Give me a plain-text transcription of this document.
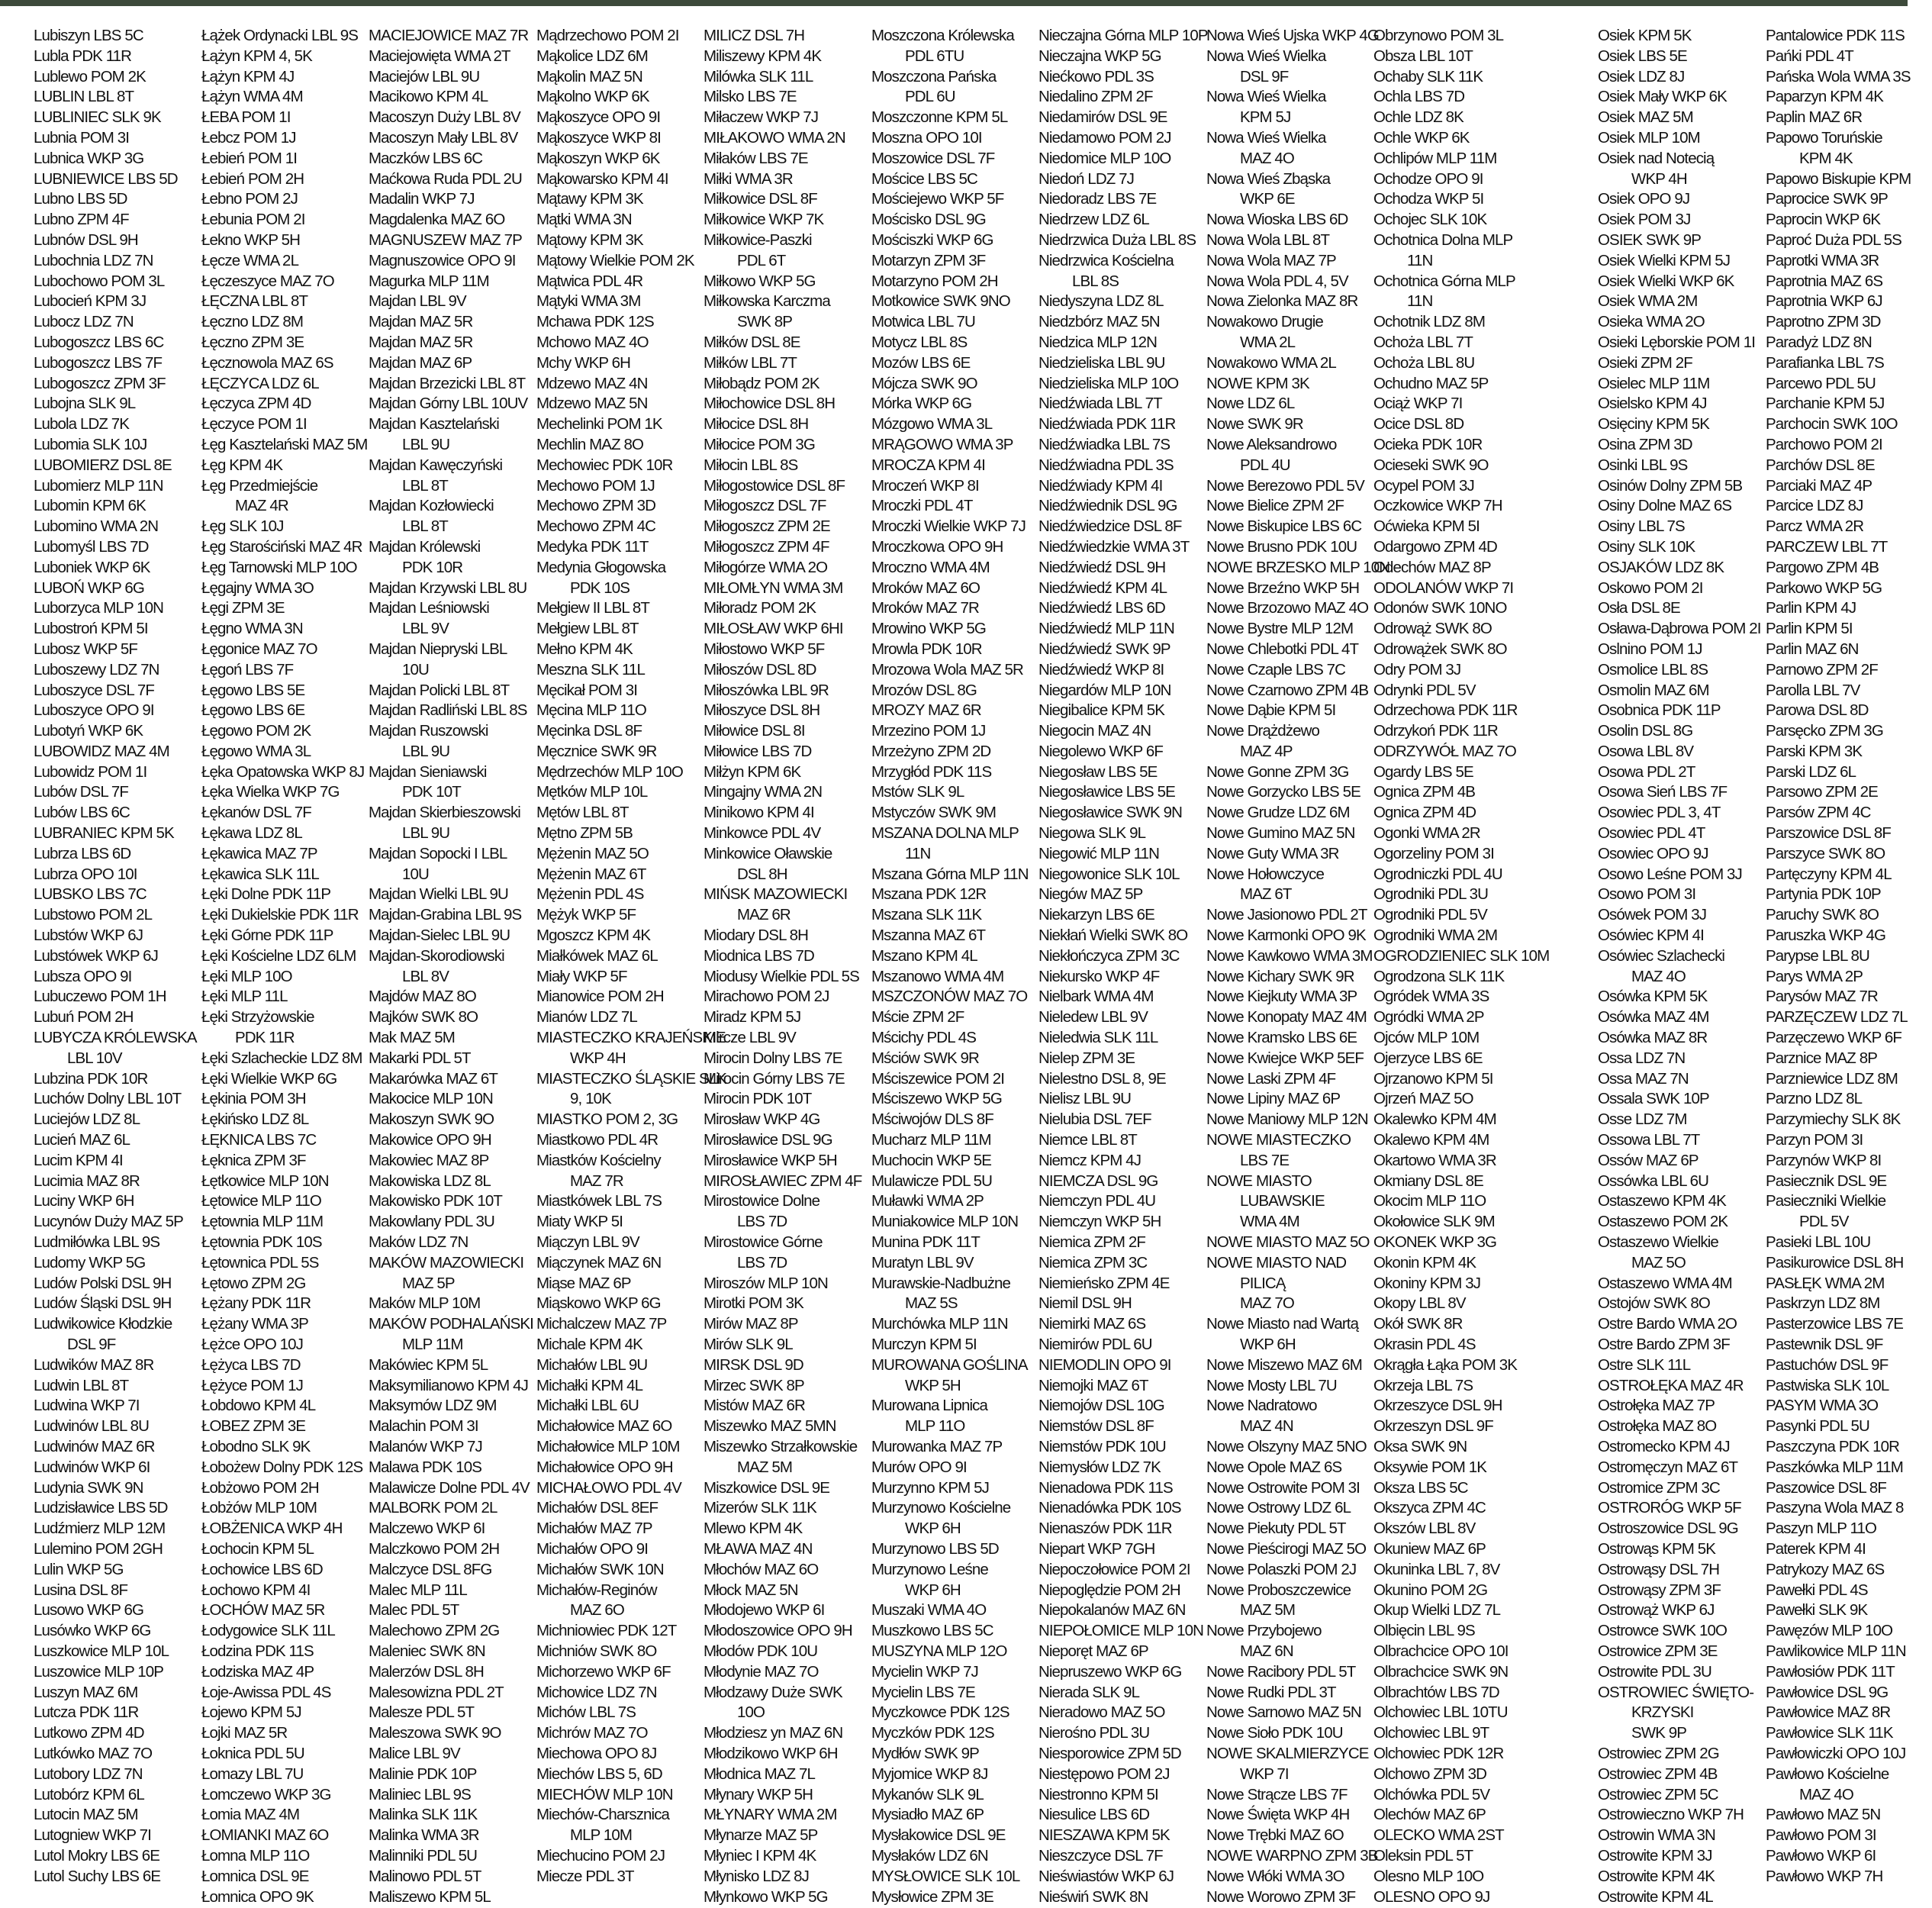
Lubiszyn LBS 5C
Lubla PDK 11R
Lublewo POM 2K
LUBLIN LBL 8T
LUBLINIEC SLK 9K
Lubnia POM 3I
Lubnica WKP 3G
LUBNIEWICE LBS 5D
Lubno LBS 5D
Lubno ZPM 4F
Lubnów DSL 9H
Lubochnia LDZ 7N
Lubochowo POM 3L
Lubocień KPM 3J
Lubocz LDZ 7N
Lubogoszcz LBS 6C
Lubogoszcz LBS 7F
Lubogoszcz ZPM 3F
Lubojna SLK 9L
Lubola LDZ 7K
Lubomia SLK 10J
LUBOMIERZ DSL 8E
Lubomierz MLP 11N
Lubomin KPM 6K
Lubomino WMA 2N
Lubomyśl LBS 7D
Luboniek WKP 6K
LUBOŃ WKP 6G
Luborzyca MLP 10N
Lubostroń KPM 5I
Lubosz WKP 5F
Luboszewy LDZ 7N
Luboszyce DSL 7F
Luboszyce OPO 9I
Lubotyń WKP 6K
LUBOWIDZ MAZ 4M
Lubowidz POM 1I
Lubów DSL 7F
Lubów LBS 6C
LUBRANIEC KPM 5K
Lubrza LBS 6D
Lubrza OPO 10I
LUBSKO LBS 7C
Lubstowo POM 2L
Lubstów WKP 6J
Lubstówek WKP 6J
Lubsza OPO 9I
Lubuczewo POM 1H
Lubuń POM 2H
LUBYCZA KRÓLEWSKA
LBL 10V
Lubzina PDK 10R
Luchów Dolny LBL 10T
Luciejów LDZ 8L
Lucień MAZ 6L
Lucim KPM 4I
Lucimia MAZ 8R
Luciny WKP 6H
Lucynów Duży MAZ 5P
Ludmiłówka LBL 9S
Ludomy WKP 5G
Ludów Polski DSL 9H
Ludów Śląski DSL 9H
Ludwikowice Kłodzkie
DSL 9F
Ludwików MAZ 8R
Ludwin LBL 8T
Ludwina WKP 7I
Ludwinów LBL 8U
Ludwinów MAZ 6R
Ludwinów WKP 6I
Ludynia SWK 9N
Ludzisławice LBS 5D
Ludźmierz MLP 12M
Lulemino POM 2GH
Lulin WKP 5G
Lusina DSL 8F
Lusowo WKP 6G
Lusówko WKP 6G
Luszkowice MLP 10L
Luszowice MLP 10P
Luszyn MAZ 6M
Lutcza PDK 11R
Lutkowo ZPM 4D
Lutkówko MAZ 7O
Lutobory LDZ 7N
Lutobórz KPM 6L
Lutocin MAZ 5M
Lutogniew WKP 7I
Lutol Mokry LBS 6E
Lutol Suchy LBS 6E
Łążek Ordynacki LBL 9S
Łążyn KPM 4, 5K
Łążyn KPM 4J
Łążyn WMA 4M
ŁEBA POM 1I
Łebcz POM 1J
Łebień POM 1I
Łebień POM 2H
Łebno POM 2J
Łebunia POM 2I
Łekno WKP 5H
Łęcze WMA 2L
Łęczeszyce MAZ 7O
ŁĘCZNA LBL 8T
Łęczno LDZ 8M
Łęczno ZPM 3E
Łęcznowola MAZ 6S
ŁĘCZYCA LDZ 6L
Łęczyca ZPM 4D
Łęczyce POM 1I
Łęg Kasztelański MAZ 5M
Łęg KPM 4K
Łęg Przedmiejście
MAZ 4R
Łęg SLK 10J
Łęg Starościński MAZ 4R
Łęg Tarnowski MLP 10O
Łęgajny WMA 3O
Łęgi ZPM 3E
Łęgno WMA 3N
Łęgonice MAZ 7O
Łęgoń LBS 7F
Łęgowo LBS 5E
Łęgowo LBS 6E
Łęgowo POM 2K
Łęgowo WMA 3L
Łęka Opatowska WKP 8J
Łęka Wielka WKP 7G
Łękanów DSL 7F
Łękawa LDZ 8L
Łękawica MAZ 7P
Łękawica SLK 11L
Łęki Dolne PDK 11P
Łęki Dukielskie PDK 11R
Łęki Górne PDK 11P
Łęki Kościelne LDZ 6LM
Łęki MLP 10O
Łęki MLP 11L
Łęki Strzyżowskie
PDK 11R
Łęki Szlacheckie LDZ 8M
Łęki Wielkie WKP 6G
Łękinia POM 3H
Łękińsko LDZ 8L
ŁĘKNICA LBS 7C
Łęknica ZPM 3F
Łętkowice MLP 10N
Łętowice MLP 11O
Łętownia MLP 11M
Łętownia PDK 10S
Łętownica PDL 5S
Łętowo ZPM 2G
Łężany PDK 11R
Łężany WMA 3P
Łężce OPO 10J
Łężyca LBS 7D
Łężyce POM 1J
Łobdowo KPM 4L
ŁOBEZ ZPM 3E
Łobodno SLK 9K
Łobożew Dolny PDK 12S
Łobżowo POM 2H
Łobżów MLP 10M
ŁOBŻENICA WKP 4H
Łochocin KPM 5L
Łochowice LBS 6D
Łochowo KPM 4I
ŁOCHÓW MAZ 5R
Łodygowice SLK 11L
Łodzina PDK 11S
Łodziska MAZ 4P
Łoje-Awissa PDL 4S
Łojewo KPM 5J
Łojki MAZ 5R
Łoknica PDL 5U
Łomazy LBL 7U
Łomczewo WKP 3G
Łomia MAZ 4M
ŁOMIANKI MAZ 6O
Łomna MLP 11O
Łomnica DSL 9E
Łomnica OPO 9K
MACIEJOWICE MAZ 7R
Maciejowięta WMA 2T
Maciejów LBL 9U
Macikowo KPM 4L
Macoszyn Duży LBL 8V
Macoszyn Mały LBL 8V
Maczków LBS 6C
Maćkowa Ruda PDL 2U
Madalin WKP 7J
Magdalenka MAZ 6O
MAGNUSZEW MAZ 7P
Magnuszowice OPO 9I
Magurka MLP 11M
Majdan LBL 9V
Majdan MAZ 5R
Majdan MAZ 5R
Majdan MAZ 6P
Majdan Brzezicki LBL 8T
Majdan Górny LBL 10UV
Majdan Kasztelański
LBL 9U
Majdan Kawęczyński
LBL 8T
Majdan Kozłowiecki
LBL 8T
Majdan Królewski
PDK 10R
Majdan Krzywski LBL 8U
Majdan Leśniowski
LBL 9V
Majdan Niepryski LBL
10U
Majdan Policki LBL 8T
Majdan Radliński LBL 8S
Majdan Ruszowski
LBL 9U
Majdan Sieniawski
PDK 10T
Majdan Skierbieszowski
LBL 9U
Majdan Sopocki I LBL
10U
Majdan Wielki LBL 9U
Majdan-Grabina LBL 9S
Majdan-Sielec LBL 9U
Majdan-Skorodiowski
LBL 8V
Majdów MAZ 8O
Majków SWK 8O
Mak MAZ 5M
Makarki PDL 5T
Makarówka MAZ 6T
Makocice MLP 10N
Makoszyn SWK 9O
Makowice OPO 9H
Makowiec MAZ 8P
Makowiska LDZ 8L
Makowisko PDK 10T
Makowlany PDL 3U
Maków LDZ 7N
MAKÓW MAZOWIECKI
MAZ 5P
Maków MLP 10M
MAKÓW PODHALAŃSKI
MLP 11M
Makówiec KPM 5L
Maksymilianowo KPM 4J
Maksymów LDZ 9M
Malachin POM 3I
Malanów WKP 7J
Malawa PDK 10S
Malawicze Dolne PDL 4V
MALBORK POM 2L
Malczewo WKP 6I
Malczkowo POM 2H
Malczyce DSL 8FG
Malec MLP 11L
Malec PDL 5T
Malechowo ZPM 2G
Maleniec SWK 8N
Malerzów DSL 8H
Malesowizna PDL 2T
Malesze PDL 5T
Maleszowa SWK 9O
Malice LBL 9V
Malinie PDK 10P
Maliniec LBL 9S
Malinka SLK 11K
Malinka WMA 3R
Malinniki PDL 5U
Malinowo PDL 5T
Maliszewo KPM 5L
Mądrzechowo POM 2I
Mąkolice LDZ 6M
Mąkolin MAZ 5N
Mąkolno WKP 6K
Mąkoszyce OPO 9I
Mąkoszyce WKP 8I
Mąkoszyn WKP 6K
Mąkowarsko KPM 4I
Mątawy KPM 3K
Mątki WMA 3N
Mątowy KPM 3K
Mątowy Wielkie POM 2K
Mątwica PDL 4R
Mątyki WMA 3M
Mchawa PDK 12S
Mchowo MAZ 4O
Mchy WKP 6H
Mdzewo MAZ 4N
Mdzewo MAZ 5N
Mechelinki POM 1K
Mechlin MAZ 8O
Mechowiec PDK 10R
Mechowo POM 1J
Mechowo ZPM 3D
Mechowo ZPM 4C
Medyka PDK 11T
Medynia Głogowska
PDK 10S
Mełgiew II LBL 8T
Mełgiew LBL 8T
Mełno KPM 4K
Meszna SLK 11L
Męcikał POM 3I
Męcina MLP 11O
Męcinka DSL 8F
Męcznice SWK 9R
Mędrzechów MLP 10O
Mętków MLP 10L
Mętów LBL 8T
Mętno ZPM 5B
Mężenin MAZ 5O
Mężenin MAZ 6T
Mężenin PDL 4S
Mężyk WKP 5F
Mgoszcz KPM 4K
Miałkówek MAZ 6L
Miały WKP 5F
Mianowice POM 2H
Mianów LDZ 7L
MIASTECZKO KRAJEŃSKIE
WKP 4H
MIASTECZKO ŚLĄSKIE SLK
9, 10K
MIASTKO POM 2, 3G
Miastkowo PDL 4R
Miastków Kościelny
MAZ 7R
Miastkówek LBL 7S
Miaty WKP 5I
Miączyn LBL 9V
Miączynek MAZ 6N
Miąse MAZ 6P
Miąskowo WKP 6G
Michalczew MAZ 7P
Michale KPM 4K
Michałów LBL 9U
Michałki KPM 4L
Michałki LBL 6U
Michałowice MAZ 6O
Michałowice MLP 10M
Michałowice OPO 9H
MICHAŁOWO PDL 4V
Michałów DSL 8EF
Michałów MAZ 7P
Michałów OPO 9I
Michałów SWK 10N
Michałów-Reginów
MAZ 6O
Michniowiec PDK 12T
Michniów SWK 8O
Michorzewo WKP 6F
Michowice LDZ 7N
Michów LBL 7S
Michrów MAZ 7O
Miechowa OPO 8J
Miechów LBS 5, 6D
MIECHÓW MLP 10N
Miechów-Charsznica
MLP 10M
Miechucino POM 2J
Miecze PDL 3T
MILICZ DSL 7H
Miliszewy KPM 4K
Milówka SLK 11L
Milsko LBS 7E
Miłaczew WKP 7J
MIŁAKOWO WMA 2N
Miłaków LBS 7E
Miłki WMA 3R
Miłkowice DSL 8F
Miłkowice WKP 7K
Miłkowice-Paszki
PDL 6T
Miłkowo WKP 5G
Miłkowska Karczma
SWK 8P
Miłków DSL 8E
Miłków LBL 7T
Miłobądz POM 2K
Miłochowice DSL 8H
Miłocice DSL 8H
Miłocice POM 3G
Miłocin LBL 8S
Miłogostowice DSL 8F
Miłogoszcz DSL 7F
Miłogoszcz ZPM 2E
Miłogoszcz ZPM 4F
Miłogórze WMA 2O
MIŁOMŁYN WMA 3M
Miłoradz POM 2K
MIŁOSŁAW WKP 6HI
Miłostowo WKP 5F
Miłoszów DSL 8D
Miłoszówka LBL 9R
Miłoszyce DSL 8H
Miłowice DSL 8I
Miłowice LBS 7D
Miłżyn KPM 6K
Mingajny WMA 2N
Minikowo KPM 4I
Minkowce PDL 4V
Minkowice Oławskie
DSL 8H
MIŃSK MAZOWIECKI
MAZ 6R
Miodary DSL 8H
Miodnica LBS 7D
Miodusy Wielkie PDL 5S
Mirachowo POM 2J
Miradz KPM 5J
Mircze LBL 9V
Mirocin Dolny LBS 7E
Mirocin Górny LBS 7E
Mirocin PDK 10T
Mirosław WKP 4G
Mirosławice DSL 9G
Mirosławice WKP 5H
MIROSŁAWIEC ZPM 4F
Mirostowice Dolne
LBS 7D
Mirostowice Górne
LBS 7D
Miroszów MLP 10N
Mirotki POM 3K
Mirów MAZ 8P
Mirów SLK 9L
MIRSK DSL 9D
Mirzec SWK 8P
Mistów MAZ 6R
Miszewko MAZ 5MN
Miszewko Strzałkowskie
MAZ 5M
Miszkowice DSL 9E
Mizerów SLK 11K
Mlewo KPM 4K
MŁAWA MAZ 4N
Młochów MAZ 6O
Młock MAZ 5N
Młodojewo WKP 6I
Młodoszowice OPO 9H
Młodów PDK 10U
Młodynie MAZ 7O
Młodzawy Duże SWK
10O
Młodziesz yn MAZ 6N
Młodzikowo WKP 6H
Młodnica MAZ 7L
Młynary WKP 5H
MŁYNARY WMA 2M
Młynarze MAZ 5P
Młyniec I KPM 4K
Młynisko LDZ 8J
Młynkowo WKP 5G
Moszczona Królewska
PDL 6TU
Moszczona Pańska
PDL 6U
Moszczonne KPM 5L
Moszna OPO 10I
Moszowice DSL 7F
Mościce LBS 5C
Mościejewo WKP 5F
Mościsko DSL 9G
Mościszki WKP 6G
Motarzyn ZPM 3F
Motarzyno POM 2H
Motkowice SWK 9NO
Motwica LBL 7U
Motycz LBL 8S
Mozów LBS 6E
Mójcza SWK 9O
Mórka WKP 6G
Mózgowo WMA 3L
MRĄGOWO WMA 3P
MROCZA KPM 4I
Mroczeń WKP 8I
Mroczki PDL 4T
Mroczki Wielkie WKP 7J
Mroczkowa OPO 9H
Mroczno WMA 4M
Mroków MAZ 6O
Mroków MAZ 7R
Mrowino WKP 5G
Mrowla PDK 10R
Mrozowa Wola MAZ 5R
Mrozów DSL 8G
MROZY MAZ 6R
Mrzezino POM 1J
Mrzeżyno ZPM 2D
Mrzygłód PDK 11S
Mstów SLK 9L
Mstyczów SWK 9M
MSZANA DOLNA MLP
11N
Mszana Górna MLP 11N
Mszana PDK 12R
Mszana SLK 11K
Mszanna MAZ 6T
Mszano KPM 4L
Mszanowo WMA 4M
MSZCZONÓW MAZ 7O
Mście ZPM 2F
Mścichy PDL 4S
Mściów SWK 9R
Mściszewice POM 2I
Mściszewo WKP 5G
Mściwojów DLS 8F
Mucharz MLP 11M
Muchocin WKP 5E
Mulawicze PDL 5U
Muławki WMA 2P
Muniakowice MLP 10N
Munina PDK 11T
Muratyn LBL 9V
Murawskie-Nadbużne
MAZ 5S
Murchówka MLP 11N
Murczyn KPM 5I
MUROWANA GOŚLINA
WKP 5H
Murowana Lipnica
MLP 11O
Murowanka MAZ 7P
Murów OPO 9I
Murzynno KPM 5J
Murzynowo Kościelne
WKP 6H
Murzynowo LBS 5D
Murzynowo Leśne
WKP 6H
Muszaki WMA 4O
Muszkowo LBS 5C
MUSZYNA MLP 12O
Mycielin WKP 7J
Mycielin LBS 7E
Myczkowce PDK 12S
Myczków PDK 12S
Mydłów SWK 9P
Myjomice WKP 8J
Mykanów SLK 9L
Mysiadło MAZ 6P
Mysłakowice DSL 9E
Mysłaków LDZ 6N
MYSŁOWICE SLK 10L
Mysłowice ZPM 3E
Nieczajna Górna MLP 10P
Nieczajna WKP 5G
Niećkowo PDL 3S
Niedalino ZPM 2F
Niedamirów DSL 9E
Niedamowo POM 2J
Niedomice MLP 10O
Niedoń LDZ 7J
Niedoradz LBS 7E
Niedrzew LDZ 6L
Niedrzwica Duża LBL 8S
Niedrzwica Kościelna
LBL 8S
Niedyszyna LDZ 8L
Niedzbórz MAZ 5N
Niedzica MLP 12N
Niedzieliska LBL 9U
Niedzieliska MLP 10O
Niedźwiada LBL 7T
Niedźwiada PDK 11R
Niedźwiadka LBL 7S
Niedźwiadna PDL 3S
Niedźwiady KPM 4I
Niedźwiednik DSL 9G
Niedźwiedzice DSL 8F
Niedźwiedzkie WMA 3T
Niedźwiedź DSL 9H
Niedźwiedź KPM 4L
Niedźwiedź LBS 6D
Niedźwiedź MLP 11N
Niedźwiedź SWK 9P
Niedźwiedź WKP 8I
Niegardów MLP 10N
Niegibalice KPM 5K
Niegocin MAZ 4N
Niegolewo WKP 6F
Niegosław LBS 5E
Niegosławice LBS 5E
Niegosławice SWK 9N
Niegowa SLK 9L
Niegowić MLP 11N
Niegowonice SLK 10L
Niegów MAZ 5P
Niekarzyn LBS 6E
Niekłań Wielki SWK 8O
Niekłończyca ZPM 3C
Niekursko WKP 4F
Nielbark WMA 4M
Nieledew LBL 9V
Nieledwia SLK 11L
Nielep ZPM 3E
Nielestno DSL 8, 9E
Nielisz LBL 9U
Nielubia DSL 7EF
Niemce LBL 8T
Niemcz KPM 4J
NIEMCZA DSL 9G
Niemczyn PDL 4U
Niemczyn WKP 5H
Niemica ZPM 2F
Niemica ZPM 3C
Niemieńsko ZPM 4E
Niemil DSL 9H
Niemirki MAZ 6S
Niemirów PDL 6U
NIEMODLIN OPO 9I
Niemojki MAZ 6T
Niemojów DSL 10G
Niemstów DSL 8F
Niemstów PDK 10U
Niemysłów LDZ 7K
Nienadowa PDK 11S
Nienadówka PDK 10S
Nienaszów PDK 11R
Niepart WKP 7GH
Niepoczołowice POM 2I
Niepoględzie POM 2H
Niepokalanów MAZ 6N
NIEPOŁOMICE MLP 10N
Nieporęt MAZ 6P
Niepruszewo WKP 6G
Nierada SLK 9L
Nieradowo MAZ 5O
Nierośno PDL 3U
Niesporowice ZPM 5D
Niestępowo POM 2J
Niestronno KPM 5I
Niesulice LBS 6D
NIESZAWA KPM 5K
Nieszczyce DSL 7F
Nieświastów WKP 6J
Nieświń SWK 8N
Nowa Wieś Ujska WKP 4G
Nowa Wieś Wielka
DSL 9F
Nowa Wieś Wielka
KPM 5J
Nowa Wieś Wielka
MAZ 4O
Nowa Wieś Zbąska
WKP 6E
Nowa Wioska LBS 6D
Nowa Wola LBL 8T
Nowa Wola MAZ 7P
Nowa Wola PDL 4, 5V
Nowa Zielonka MAZ 8R
Nowakowo Drugie
WMA 2L
Nowakowo WMA 2L
NOWE KPM 3K
Nowe LDZ 6L
Nowe SWK 9R
Nowe Aleksandrowo
PDL 4U
Nowe Berezowo PDL 5V
Nowe Bielice ZPM 2F
Nowe Biskupice LBS 6C
Nowe Brusno PDK 10U
NOWE BRZESKO MLP 10N
Nowe Brzeźno WKP 5H
Nowe Brzozowo MAZ 4O
Nowe Bystre MLP 12M
Nowe Chlebotki PDL 4T
Nowe Czaple LBS 7C
Nowe Czarnowo ZPM 4B
Nowe Dąbie KPM 5I
Nowe Drążdżewo
MAZ 4P
Nowe Gonne ZPM 3G
Nowe Gorzycko LBS 5E
Nowe Grudze LDZ 6M
Nowe Gumino MAZ 5N
Nowe Guty WMA 3R
Nowe Hołowczyce
MAZ 6T
Nowe Jasionowo PDL 2T
Nowe Karmonki OPO 9K
Nowe Kawkowo WMA 3M
Nowe Kichary SWK 9R
Nowe Kiejkuty WMA 3P
Nowe Konopaty MAZ 4M
Nowe Kramsko LBS 6E
Nowe Kwiejce WKP 5EF
Nowe Laski ZPM 4F
Nowe Lipiny MAZ 6P
Nowe Maniowy MLP 12N
NOWE MIASTECZKO
LBS 7E
NOWE MIASTO
LUBAWSKIE
WMA 4M
NOWE MIASTO MAZ 5O
NOWE MIASTO NAD
PILICĄ
MAZ 7O
Nowe Miasto nad Wartą
WKP 6H
Nowe Miszewo MAZ 6M
Nowe Mosty LBL 7U
Nowe Nadratowo
MAZ 4N
Nowe Olszyny MAZ 5NO
Nowe Opole MAZ 6S
Nowe Ostrowite POM 3I
Nowe Ostrowy LDZ 6L
Nowe Piekuty PDL 5T
Nowe Pieścirogi MAZ 5O
Nowe Polaszki POM 2J
Nowe Proboszczewice
MAZ 5M
Nowe Przybojewo
MAZ 6N
Nowe Racibory PDL 5T
Nowe Rudki PDL 3T
Nowe Sarnowo MAZ 5N
Nowe Sioło PDK 10U
NOWE SKALMIERZYCE
WKP 7I
Nowe Strącze LBS 7F
Nowe Święta WKP 4H
Nowe Trębki MAZ 6O
NOWE WARPNO ZPM 3B
Nowe Włóki WMA 3O
Nowe Worowo ZPM 3F
Obrzynowo POM 3L
Obsza LBL 10T
Ochaby SLK 11K
Ochla LBS 7D
Ochle LDZ 8K
Ochle WKP 6K
Ochlipów MLP 11M
Ochodze OPO 9I
Ochodza WKP 5I
Ochojec SLK 10K
Ochotnica Dolna MLP
11N
Ochotnica Górna MLP
11N
Ochotnik LDZ 8M
Ochoża LBL 7T
Ochoża LBL 8U
Ochudno MAZ 5P
Ociąż WKP 7I
Ocice DSL 8D
Ocieka PDK 10R
Ocieseki SWK 9O
Ocypel POM 3J
Oczkowice WKP 7H
Oćwieka KPM 5I
Odargowo ZPM 4D
Odechów MAZ 8P
ODOLANÓW WKP 7I
Odonów SWK 10NO
Odrowąż SWK 8O
Odrowążek SWK 8O
Odry POM 3J
Odrynki PDL 5V
Odrzechowa PDK 11R
Odrzykoń PDK 11R
ODRZYWÓŁ MAZ 7O
Ogardy LBS 5E
Ognica ZPM 4B
Ognica ZPM 4D
Ogonki WMA 2R
Ogorzeliny POM 3I
Ogrodniczki PDL 4U
Ogrodniki PDL 3U
Ogrodniki PDL 5V
Ogrodniki WMA 2M
OGRODZIENIEC SLK 10M
Ogrodzona SLK 11K
Ogródek WMA 3S
Ogródki WMA 2P
Ojców MLP 10M
Ojerzyce LBS 6E
Ojrzanowo KPM 5I
Ojrzeń MAZ 5O
Okalewko KPM 4M
Okalewo KPM 4M
Okartowo WMA 3R
Okmiany DSL 8E
Okocim MLP 11O
Okołowice SLK 9M
OKONEK WKP 3G
Okonin KPM 4K
Okoniny KPM 3J
Okopy LBL 8V
Okół SWK 8R
Okrasin PDL 4S
Okrągła Łąka POM 3K
Okrzeja LBL 7S
Okrzeszyce DSL 9H
Okrzeszyn DSL 9F
Oksa SWK 9N
Oksywie POM 1K
Oksza LBS 5C
Okszyca ZPM 4C
Okszów LBL 8V
Okuniew MAZ 6P
Okuninka LBL 7, 8V
Okunino POM 2G
Okup Wielki LDZ 7L
Olbięcin LBL 9S
Olbrachcice OPO 10I
Olbrachcice SWK 9N
Olbrachtów LBS 7D
Olchowiec LBL 10TU
Olchowiec LBL 9T
Olchowiec PDK 12R
Olchowo ZPM 3D
Olchówka PDL 5V
Olechów MAZ 6P
OLECKO WMA 2ST
Oleksin PDL 5T
Olesno MLP 10O
OLESNO OPO 9J
Osiek KPM 5K
Osiek LBS 5E
Osiek LDZ 8J
Osiek Mały WKP 6K
Osiek MAZ 5M
Osiek MLP 10M
Osiek nad Notecią
WKP 4H
Osiek OPO 9J
Osiek POM 3J
OSIEK SWK 9P
Osiek Wielki KPM 5J
Osiek Wielki WKP 6K
Osiek WMA 2M
Osieka WMA 2O
Osieki Lęborskie POM 1I
Osieki ZPM 2F
Osielec MLP 11M
Osielsko KPM 4J
Osięciny KPM 5K
Osina ZPM 3D
Osinki LBL 9S
Osinów Dolny ZPM 5B
Osiny Dolne MAZ 6S
Osiny LBL 7S
Osiny SLK 10K
OSJAKÓW LDZ 8K
Oskowo POM 2I
Osła DSL 8E
Osława-Dąbrowa POM 2I
Oslnino POM 1J
Osmolice LBL 8S
Osmolin MAZ 6M
Osobnica PDK 11P
Osolin DSL 8G
Osowa LBL 8V
Osowa PDL 2T
Osowa Sień LBS 7F
Osowiec PDL 3, 4T
Osowiec PDL 4T
Osowiec OPO 9J
Osowo Leśne POM 3J
Osowo POM 3I
Osówek POM 3J
Osówiec KPM 4I
Osówiec Szlachecki
MAZ 4O
Osówka KPM 5K
Osówka MAZ 4M
Osówka MAZ 8R
Ossa LDZ 7N
Ossa MAZ 7N
Ossala SWK 10P
Osse LDZ 7M
Ossowa LBL 7T
Ossów MAZ 6P
Ossówka LBL 6U
Ostaszewo KPM 4K
Ostaszewo POM 2K
Ostaszewo Wielkie
MAZ 5O
Ostaszewo WMA 4M
Ostojów SWK 8O
Ostre Bardo WMA 2O
Ostre Bardo ZPM 3F
Ostre SLK 11L
OSTROŁĘKA MAZ 4R
Ostrołęka MAZ 7P
Ostrołęka MAZ 8O
Ostromecko KPM 4J
Ostromęczyn MAZ 6T
Ostromice ZPM 3C
OSTRORÓG WKP 5F
Ostroszowice DSL 9G
Ostrowąs KPM 5K
Ostrowąsy DSL 7H
Ostrowąsy ZPM 3F
Ostrowąż WKP 6J
Ostrowce SWK 10O
Ostrowice ZPM 3E
Ostrowite PDL 3U
OSTROWIEC ŚWIĘTO-
KRZYSKI
SWK 9P
Ostrowiec ZPM 2G
Ostrowiec ZPM 4B
Ostrowiec ZPM 5C
Ostrowieczno WKP 7H
Ostrowin WMA 3N
Ostrowite KPM 3J
Ostrowite KPM 4K
Ostrowite KPM 4L
Pantalowice PDK 11S
Pańki PDL 4T
Pańska Wola WMA 3S
Paparzyn KPM 4K
Paplin MAZ 6R
Papowo Toruńskie
KPM 4K
Papowo Biskupie KPM
Paprocice SWK 9P
Paprocin WKP 6K
Paproć Duża PDL 5S
Paprotki WMA 3R
Paprotnia MAZ 6S
Paprotnia WKP 6J
Paprotno ZPM 3D
Paradyż LDZ 8N
Parafianka LBL 7S
Parcewo PDL 5U
Parchanie KPM 5J
Parchocin SWK 10O
Parchowo POM 2I
Parchów DSL 8E
Parciaki MAZ 4P
Parcice LDZ 8J
Parcz WMA 2R
PARCZEW LBL 7T
Pargowo ZPM 4B
Parkowo WKP 5G
Parlin KPM 4J
Parlin KPM 5I
Parlin MAZ 6N
Parnowo ZPM 2F
Parolla LBL 7V
Parowa DSL 8D
Parsęcko ZPM 3G
Parski KPM 3K
Parski LDZ 6L
Parsowo ZPM 2E
Parsów ZPM 4C
Parszowice DSL 8F
Parszyce SWK 8O
Partęczyny KPM 4L
Partynia PDK 10P
Paruchy SWK 8O
Paruszka WKP 4G
Parypse LBL 8U
Parys WMA 2P
Parysów MAZ 7R
PARZĘCZEW LDZ 7L
Parzęczewo WKP 6F
Parznice MAZ 8P
Parzniewice LDZ 8M
Parzno LDZ 8L
Parzymiechy SLK 8K
Parzyn POM 3I
Parzynów WKP 8I
Pasiecznik DSL 9E
Pasieczniki Wielkie
PDL 5V
Pasieki LBL 10U
Pasikurowice DSL 8H
PASŁĘK WMA 2M
Paskrzyn LDZ 8M
Pasterzowice LBS 7E
Pastewnik DSL 9F
Pastuchów DSL 9F
Pastwiska SLK 10L
PASYM WMA 3O
Pasynki PDL 5U
Paszczyna PDK 10R
Paszkówka MLP 11M
Paszowice DSL 8F
Paszyna Wola MAZ 8
Paszyn MLP 11O
Paterek KPM 4I
Patrykozy MAZ 6S
Pawełki PDL 4S
Pawełki SLK 9K
Pawęzów MLP 10O
Pawlikowice MLP 11N
Pawłosiów PDK 11T
Pawłowice DSL 9G
Pawłowice MAZ 8R
Pawłowice SLK 11K
Pawłowiczki OPO 10J
Pawłowo Kościelne
MAZ 4O
Pawłowo MAZ 5N
Pawłowo POM 3I
Pawłowo WKP 6I
Pawłowo WKP 7H
